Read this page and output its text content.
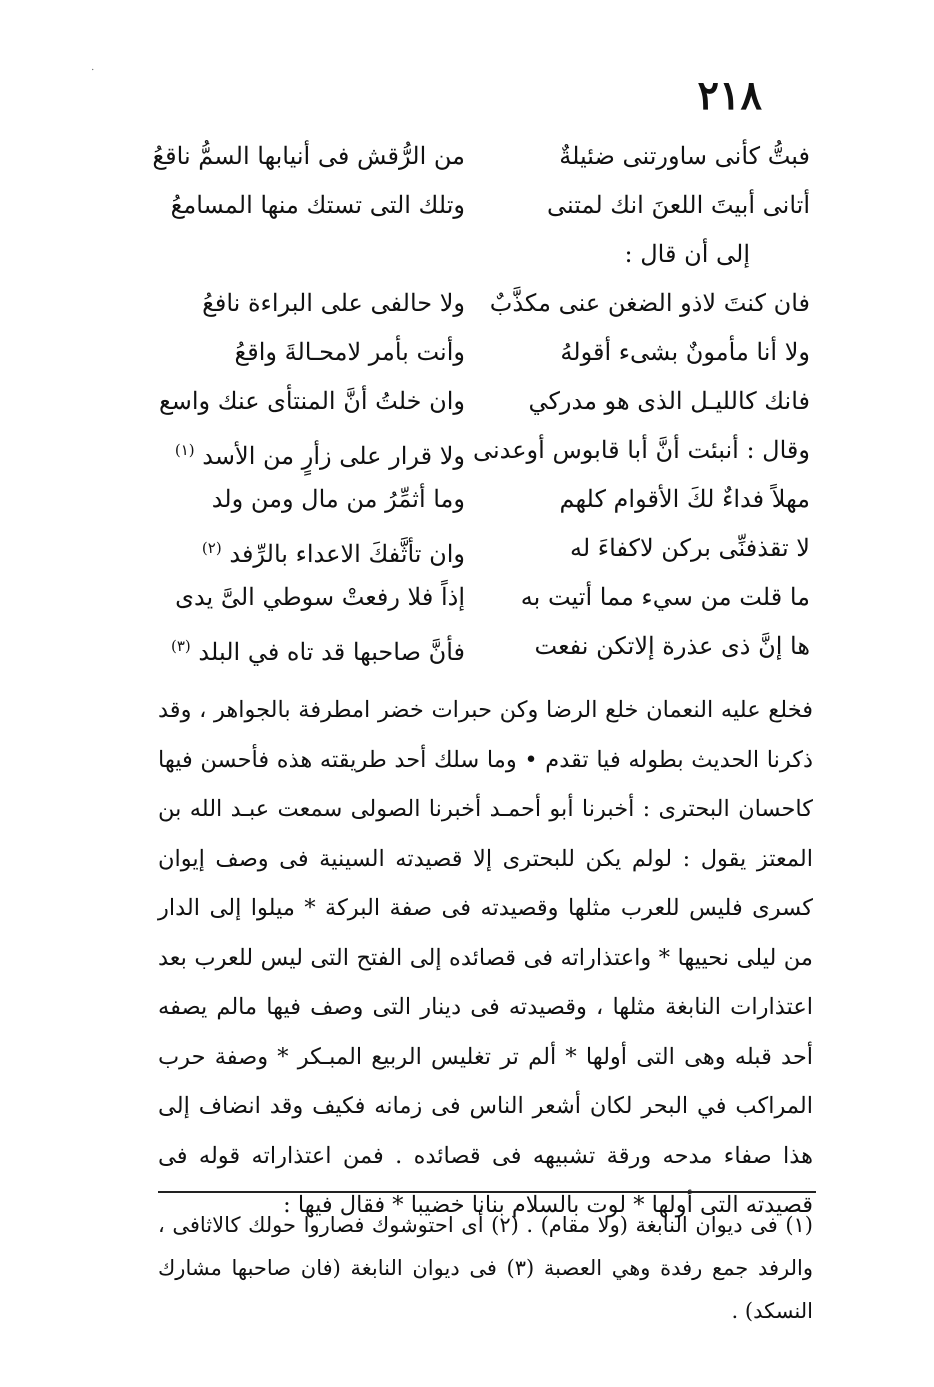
⸱
٢١٨
فبتُّ كأنى ساورتنى ضئيلةٌ
من الرُّقش فى أنيابها السمُّ ناقعُ
أتانى أبيتَ اللعنَ انك لمتنى
وتلك التى تستك منها المسامعُ
إلى أن قال :
فان كنتَ لاذو الضغن عنى مكذَّبٌ
ولا حالفى على البراءة نافعُ
ولا أنا مأمونٌ بشىء أقولهُ
وأنت بأمر لامحـالةَ واقعُ
فانك كالليـل الذى هو مدركي
وان خلتُ أنَّ المنتأى عنك واسع
وقال : أنبئت أنَّ أبا قابوس أوعدنى
ولا قرار على زأرٍ من الأسد $^{(١)}$
مهلاً فداءٌ لكَ الأقوام كلهم
وما أثمِّرُ من مال ومن ولد
لا تقذفنِّى بركن لاكفاءَ له
وان تأثَّفكَ الاعداء بالرِّفد $^{(٢)}$
ما قلت من سيء مما أتيت به
إذاً فلا رفعتْ سوطي الىَّ يدى
ها إنَّ ذى عذرة إلاتكن نفعت
فأنَّ صاحبها قد تاه في البلد $^{(٣)}$

فخلع عليه النعمان خلع الرضا وكن حبرات خضر امطرفة بالجواهر ، وقد ذكرنا الحديث بطوله فيا تقدم • وما سلك أحد طريقته هذه فأحسن فيها كاحسان البحترى : أخبرنا أبو أحمـد أخبرنا الصولى سمعت عبـد الله بن المعتز يقول : لولم يكن للبحترى إلا قصيدته السينية فى وصف إيوان كسرى فليس للعرب مثلها وقصيدته فى صفة البركة * ميلوا إلى الدار من ليلى نحييها * واعتذاراته فى قصائده إلى الفتح التى ليس للعرب بعد اعتذارات النابغة مثلها ، وقصيدته فى دينار التى وصف فيها مالم يصفه أحد قبله وهى التى أولها * ألم تر تغليس الربيع المبـكر * وصفة حرب المراكب في البحر لكان أشعر الناس فى زمانه فكيف وقد انضاف إلى هذا صفاء مدحه ورقة تشبيهه فى قصائده . فمن اعتذاراته قوله فى قصيدته التى أولها * لوت بالسلام بنانا خضيبا * فقال فيها :

(١) فى ديوان النابغة (ولا مقام) . (٢) أى احتوشوك فصاروا حولك كالاثافى ، والرفد جمع رفدة وهي العصبة (٣) فى ديوان النابغة (فان صاحبها مشارك النسكد) .
